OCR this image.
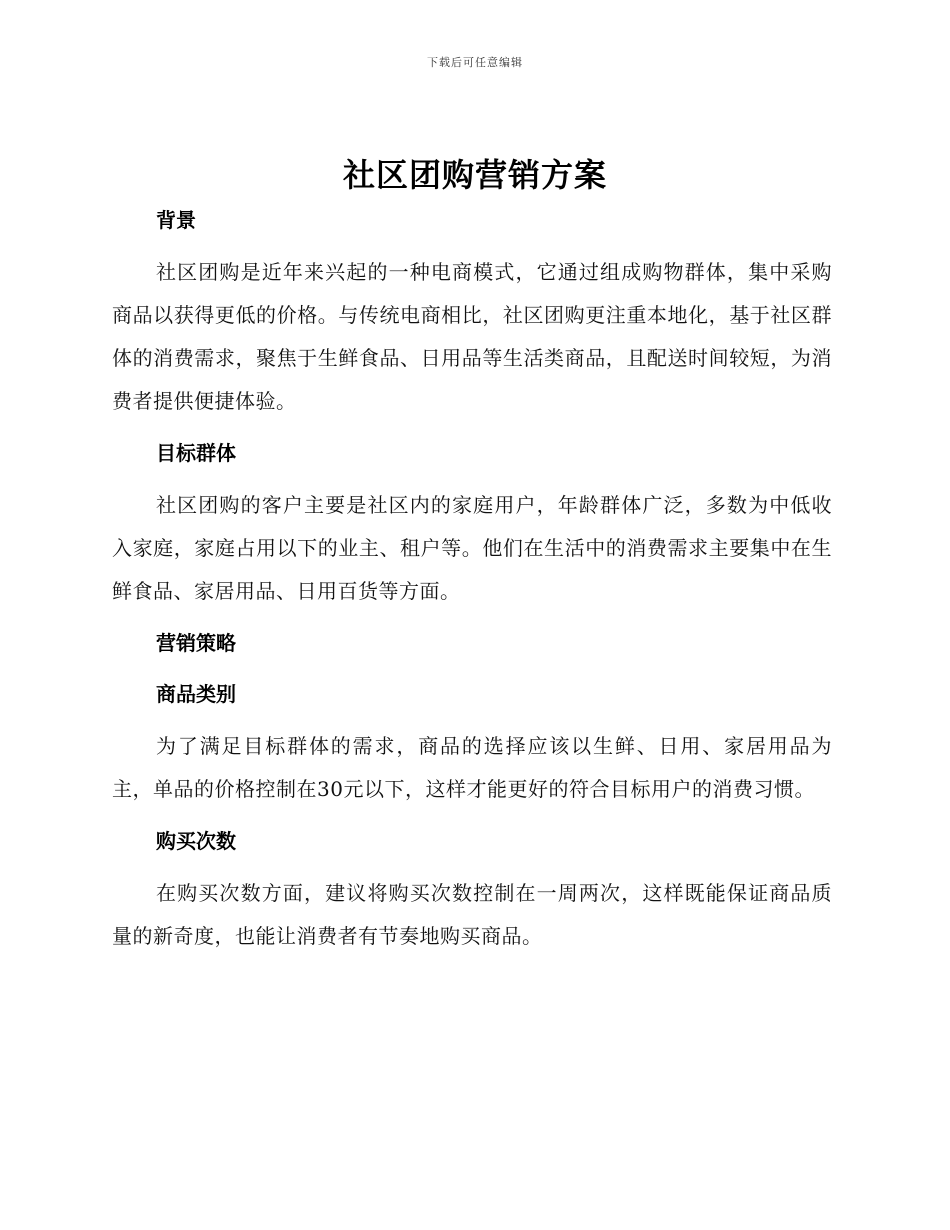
下载后可任意编辑
社区团购营销方案
背景

社区团购是近年来兴起的一种电商模式，它通过组成购物群体，集中采购商品以获得更低的价格。与传统电商相比，社区团购更注重本地化，基于社区群体的消费需求，聚焦于生鲜食品、日用品等生活类商品，且配送时间较短，为消费者提供便捷体验。

目标群体

社区团购的客户主要是社区内的家庭用户，年龄群体广泛，多数为中低收入家庭，家庭占用以下的业主、租户等。他们在生活中的消费需求主要集中在生鲜食品、家居用品、日用百货等方面。

营销策略
商品类别

为了满足目标群体的需求，商品的选择应该以生鲜、日用、家居用品为主，单品的价格控制在30元以下，这样才能更好的符合目标用户的消费习惯。

购买次数

在购买次数方面，建议将购买次数控制在一周两次，这样既能保证商品质量的新奇度，也能让消费者有节奏地购买商品。
